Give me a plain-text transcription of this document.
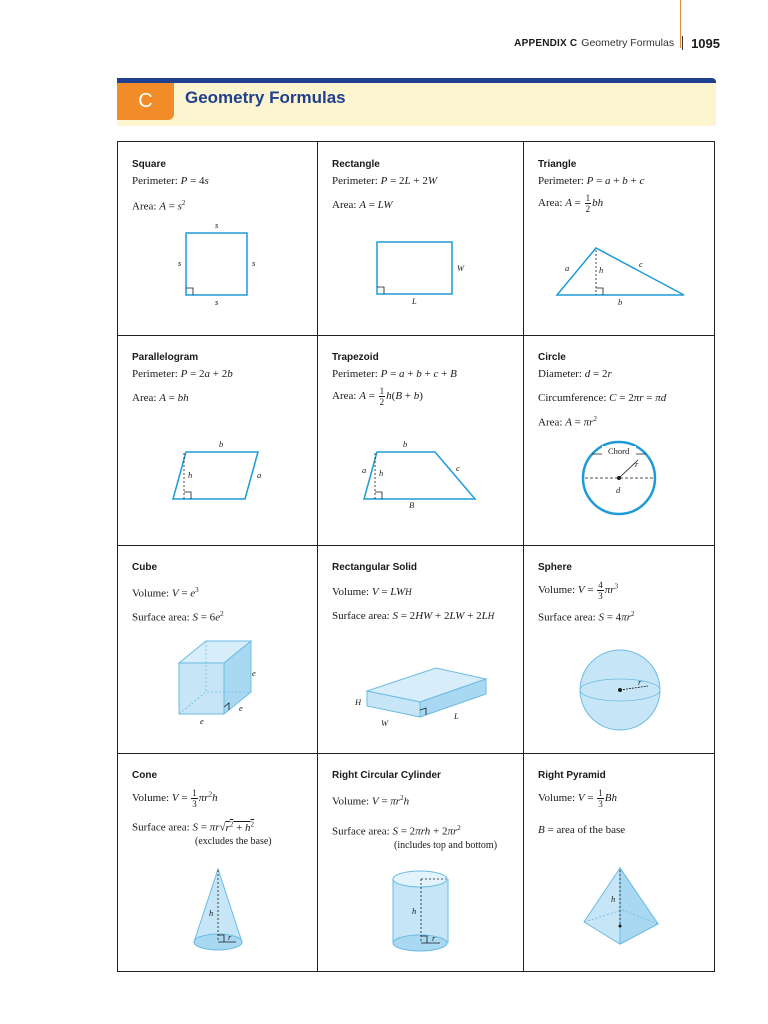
APPENDIX C Geometry Formulas 1095
C	Geometry Formulas
Square
Perimeter: P = 4s
Area: $A = s^2$
s
s	s
s
Rectangle
Perimeter: P = 2L + 2W
Area: A = LW
W
L
Triangle
Perimeter: P = a + b + c
Area: $A = \frac{1}{2}$ bh
a	h
c
b
Parallelogram
Perimeter: P = 2a + 2b
Area: A = bh
b
h	a
Trapezoid
Perimeter: P = a + b + c + B
Area: $A = \frac{1}{2} h(B + b)$
b
a h	c
B
Circle
Diameter: d = 2r
Circumference: C = 2πr = πd
Area: $A = \pi r^2$
r
d
Chord
Cube
Volume: $V = e^3$
Surface area: $S = 6e^2$
e
e
e
Rectangular Solid
Volume: V = LWH
Surface area: S = 2HW + 2LW + 2LH
H
W
L
Sphere
Volume: $V = \frac{4}{3} \pi r^3$
Surface area: $S = 4\pi r^2$
r
Cone
Volume: $V = \frac{1}{3} \pi r^2h$
Surface area: $S = \pi r√r^2 + h^2$
(excludes the base)
h
r
Right Circular Cylinder
Volume: $V = \pi r^2h$
Surface area: $S = 2\pi rh + 2\pi r^2$
(includes top and bottom)
h
r
Right Pyramid
Volume: $V = \frac{1}{3}$ Bh
B = area of the base
h
